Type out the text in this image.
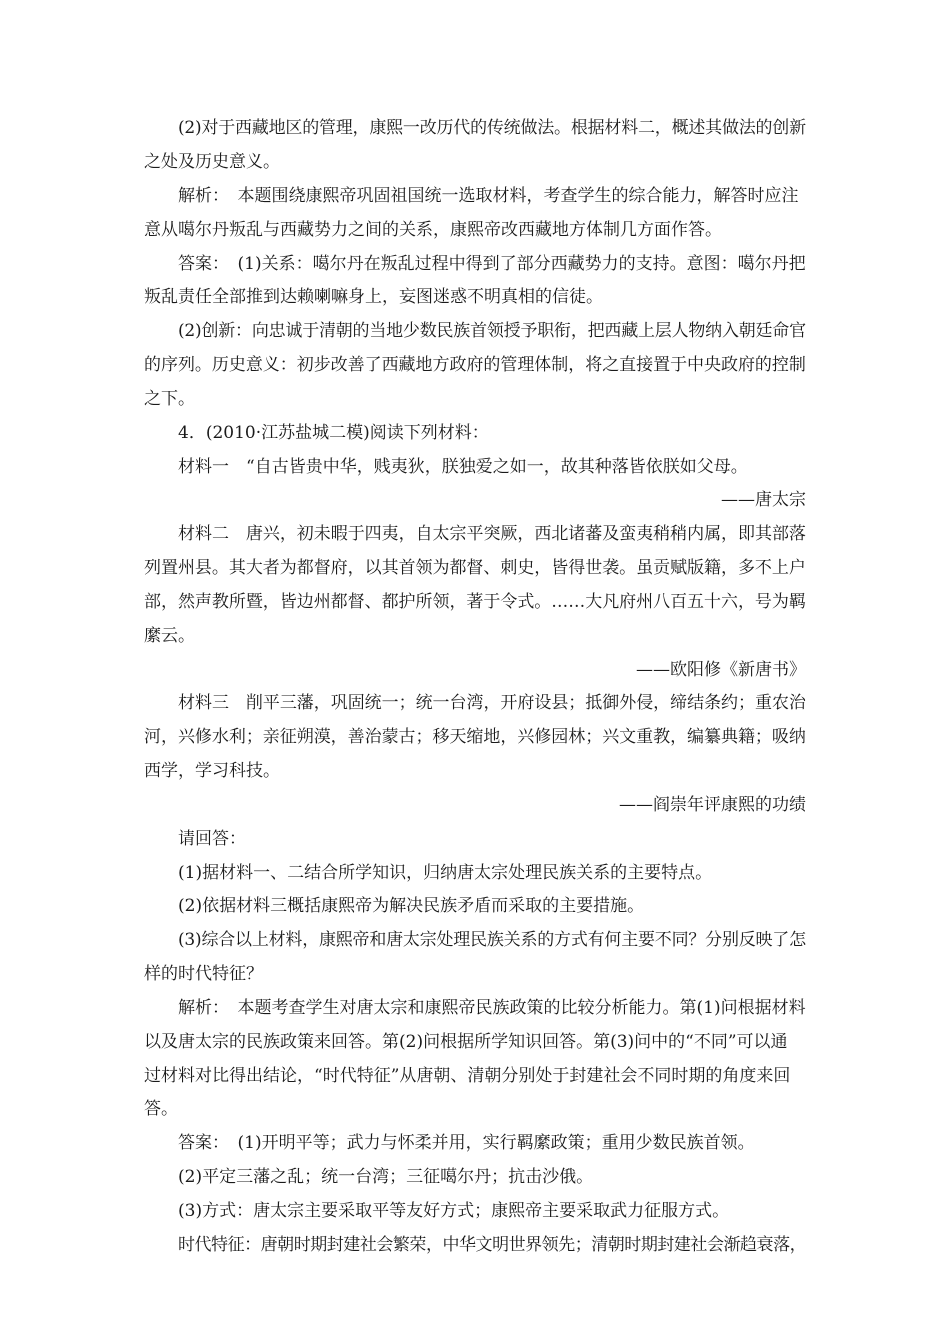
(2)对于西藏地区的管理，康熙一改历代的传统做法。根据材料二，概述其做法的创新
之处及历史意义。
解析：　本题围绕康熙帝巩固祖国统一选取材料，考查学生的综合能力，解答时应注
意从噶尔丹叛乱与西藏势力之间的关系，康熙帝改西藏地方体制几方面作答。
答案：　(1)关系：噶尔丹在叛乱过程中得到了部分西藏势力的支持。意图：噶尔丹把
叛乱责任全部推到达赖喇嘛身上，妄图迷惑不明真相的信徒。
(2)创新：向忠诚于清朝的当地少数民族首领授予职衔，把西藏上层人物纳入朝廷命官
的序列。历史意义：初步改善了西藏地方政府的管理体制，将之直接置于中央政府的控制
之下。
4．(2010·江苏盐城二模)阅读下列材料：
材料一　“自古皆贵中华，贱夷狄，朕独爱之如一，故其种落皆依朕如父母。
——唐太宗
材料二　唐兴，初未暇于四夷，自太宗平突厥，西北诸蕃及蛮夷稍稍内属，即其部落
列置州县。其大者为都督府，以其首领为都督、刺史，皆得世袭。虽贡赋版籍，多不上户
部，然声教所暨，皆边州都督、都护所领，著于令式。……大凡府州八百五十六，号为羁
縻云。
——欧阳修《新唐书》
材料三　削平三藩，巩固统一；统一台湾，开府设县；抵御外侵，缔结条约；重农治
河，兴修水利；亲征朔漠，善治蒙古；移天缩地，兴修园林；兴文重教，编纂典籍；吸纳
西学，学习科技。
——阎崇年评康熙的功绩
请回答：
(1)据材料一、二结合所学知识，归纳唐太宗处理民族关系的主要特点。
(2)依据材料三概括康熙帝为解决民族矛盾而采取的主要措施。
(3)综合以上材料，康熙帝和唐太宗处理民族关系的方式有何主要不同？分别反映了怎
样的时代特征？
解析：　本题考查学生对唐太宗和康熙帝民族政策的比较分析能力。第(1)问根据材料
以及唐太宗的民族政策来回答。第(2)问根据所学知识回答。第(3)问中的“不同”可以通
过材料对比得出结论，“时代特征”从唐朝、清朝分别处于封建社会不同时期的角度来回
答。
答案：　(1)开明平等；武力与怀柔并用，实行羁縻政策；重用少数民族首领。
(2)平定三藩之乱；统一台湾；三征噶尔丹；抗击沙俄。
(3)方式：唐太宗主要采取平等友好方式；康熙帝主要采取武力征服方式。
时代特征：唐朝时期封建社会繁荣，中华文明世界领先；清朝时期封建社会渐趋衰落，
